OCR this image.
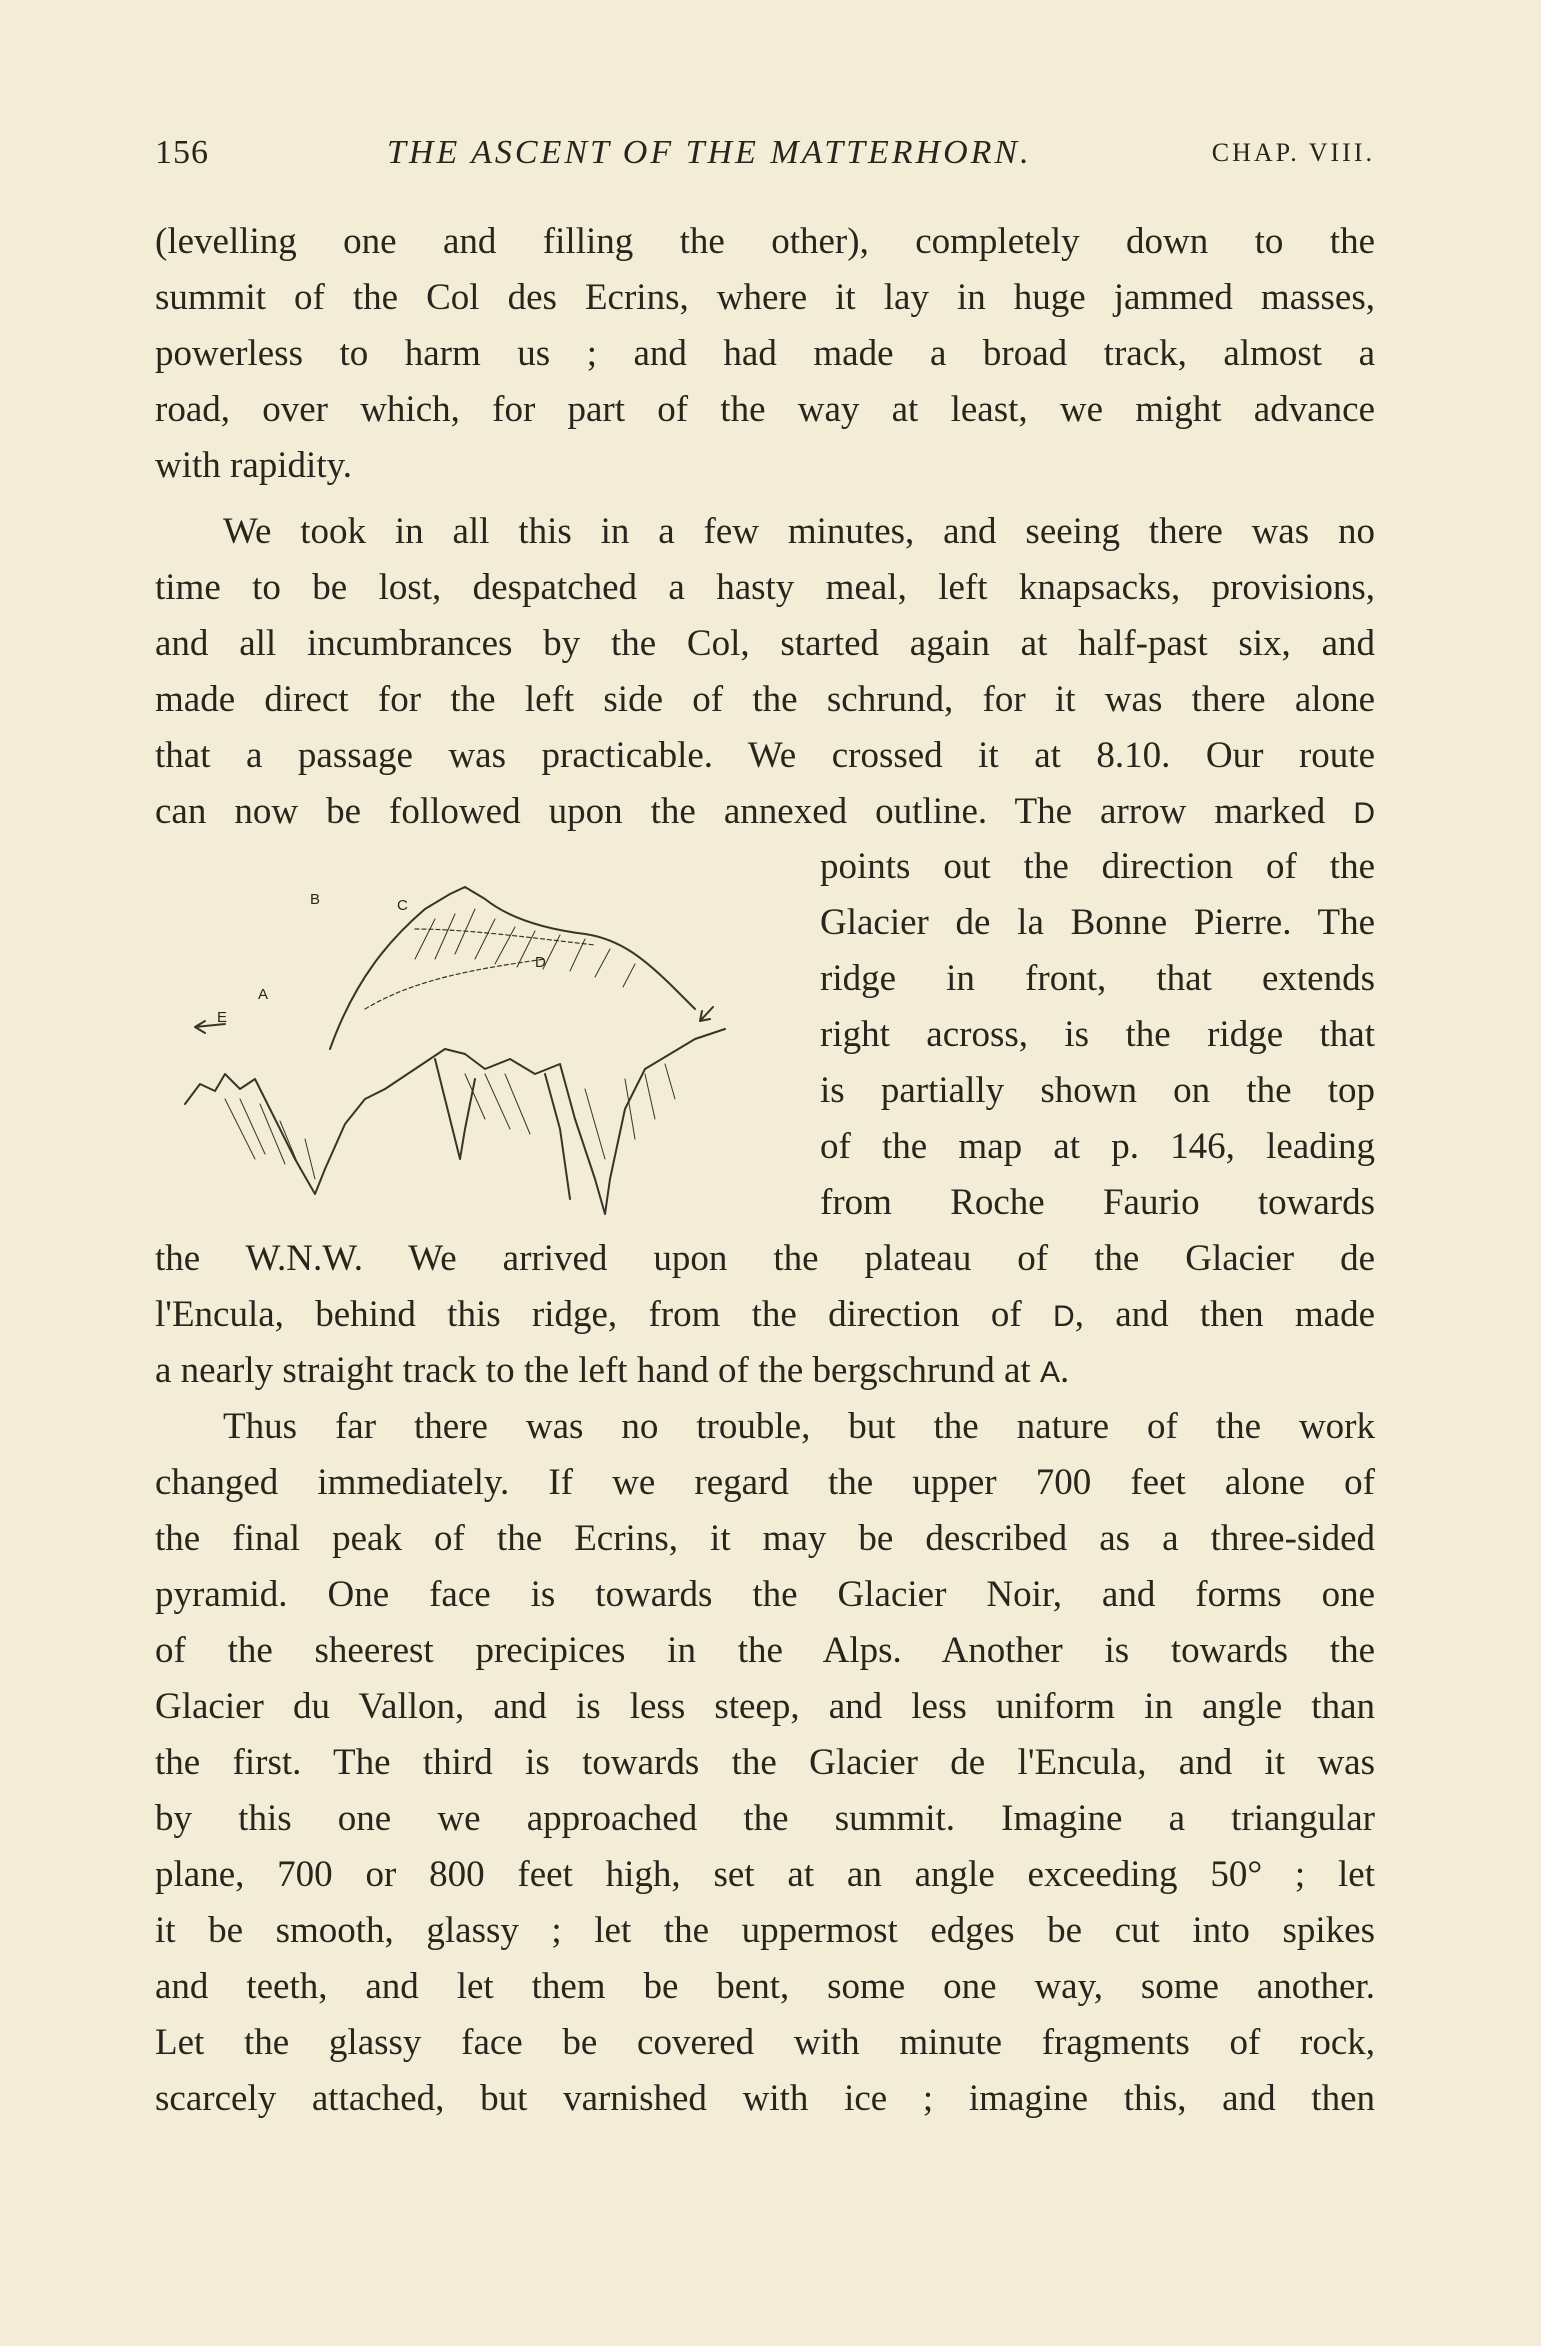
156	THE ASCENT OF THE MATTERHORN.	CHAP. VIII.
(levelling one and filling the other), completely down to the
summit of the Col des Ecrins, where it lay in huge jammed masses,
powerless to harm us ; and had made a broad track, almost a
road, over which, for part of the way at least, we might advance
with rapidity.
We took in all this in a few minutes, and seeing there was no
time to be lost, despatched a hasty meal, left knapsacks, provisions,
and all incumbrances by the Col, started again at half-past six, and
made direct for the left side of the schrund, for it was there alone
that a passage was practicable. We crossed it at 8.10. Our route
can now be followed upon the annexed outline. The arrow marked D
B	C
A
D
E
points out the direction of the
Glacier de la Bonne Pierre. The
ridge in front, that extends
right across, is the ridge that
is partially shown on the top
of the map at p. 146, leading
from Roche Faurio towards
the W.N.W. We arrived upon the plateau of the Glacier de
l'Encula, behind this ridge, from the direction of D, and then made
a nearly straight track to the left hand of the bergschrund at A.
Thus far there was no trouble, but the nature of the work
changed immediately. If we regard the upper 700 feet alone of
the final peak of the Ecrins, it may be described as a three-sided
pyramid. One face is towards the Glacier Noir, and forms one
of the sheerest precipices in the Alps. Another is towards the
Glacier du Vallon, and is less steep, and less uniform in angle than
the first. The third is towards the Glacier de l'Encula, and it was
by this one we approached the summit. Imagine a triangular
plane, 700 or 800 feet high, set at an angle exceeding 50° ; let
it be smooth, glassy ; let the uppermost edges be cut into spikes
and teeth, and let them be bent, some one way, some another.
Let the glassy face be covered with minute fragments of rock,
scarcely attached, but varnished with ice ; imagine this, and then
